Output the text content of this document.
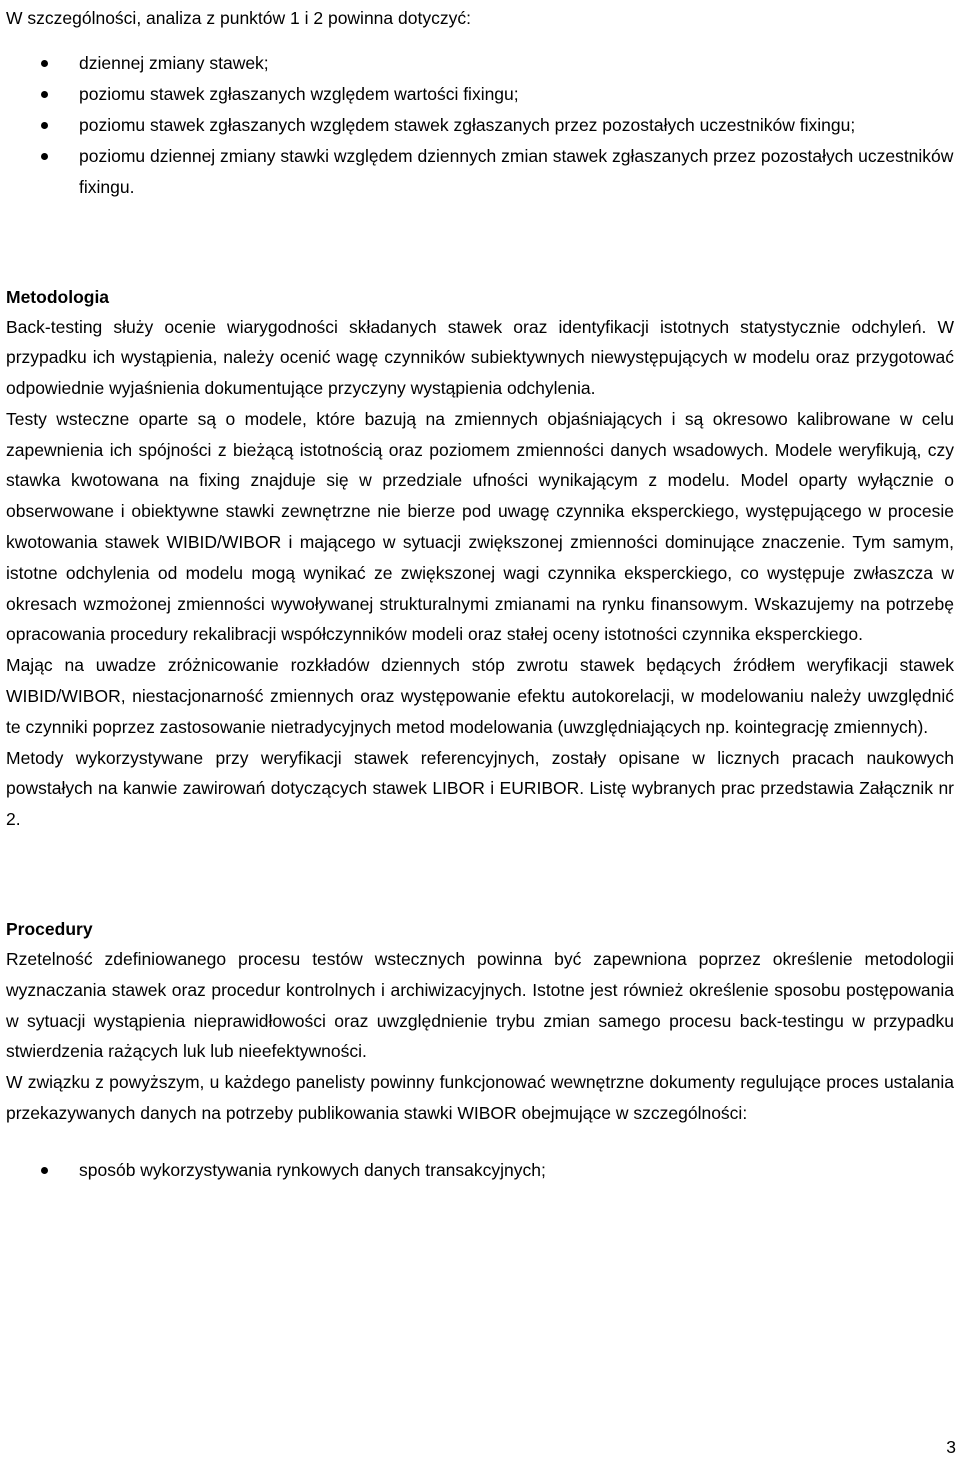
W szczególności, analiza z punktów 1 i 2 powinna dotyczyć:

dziennej zmiany stawek;
poziomu stawek zgłaszanych względem wartości fixingu;
poziomu stawek zgłaszanych względem stawek zgłaszanych przez pozostałych uczestników fixingu;
poziomu dziennej zmiany stawki względem dziennych zmian stawek zgłaszanych przez pozostałych uczestników fixingu.
Metodologia

Back-testing służy ocenie wiarygodności składanych stawek oraz identyfikacji istotnych statystycznie odchyleń. W przypadku ich wystąpienia, należy ocenić wagę czynników subiektywnych niewystępujących w modelu oraz przygotować odpowiednie wyjaśnienia dokumentujące przyczyny wystąpienia odchylenia.

Testy wsteczne oparte są o modele, które bazują na zmiennych objaśniających i są okresowo kalibrowane w celu zapewnienia ich spójności z bieżącą istotnością oraz poziomem zmienności danych wsadowych. Modele weryfikują, czy stawka kwotowana na fixing znajduje się w przedziale ufności wynikającym z modelu. Model oparty wyłącznie o obserwowane i obiektywne stawki zewnętrzne nie bierze pod uwagę czynnika eksperckiego, występującego w procesie kwotowania stawek WIBID/WIBOR i mającego w sytuacji zwiększonej zmienności dominujące znaczenie. Tym samym, istotne odchylenia od modelu mogą wynikać ze zwiększonej wagi czynnika eksperckiego, co występuje zwłaszcza w okresach wzmożonej zmienności wywoływanej strukturalnymi zmianami na rynku finansowym. Wskazujemy na potrzebę opracowania procedury rekalibracji współczynników modeli oraz stałej oceny istotności czynnika eksperckiego.

Mając na uwadze zróżnicowanie rozkładów dziennych stóp zwrotu stawek będących źródłem weryfikacji stawek WIBID/WIBOR, niestacjonarność zmiennych oraz występowanie efektu autokorelacji, w modelowaniu należy uwzględnić te czynniki poprzez zastosowanie nietradycyjnych metod modelowania (uwzględniających np. kointegrację zmiennych).

Metody wykorzystywane przy weryfikacji stawek referencyjnych, zostały opisane w licznych pracach naukowych powstałych na kanwie zawirowań dotyczących stawek LIBOR i EURIBOR. Listę wybranych prac przedstawia Załącznik nr 2.

Procedury

Rzetelność zdefiniowanego procesu testów wstecznych powinna być zapewniona poprzez określenie metodologii wyznaczania stawek oraz procedur kontrolnych i archiwizacyjnych. Istotne jest również określenie sposobu postępowania w sytuacji wystąpienia nieprawidłowości oraz uwzględnienie trybu zmian samego procesu back-testingu w przypadku stwierdzenia rażących luk lub nieefektywności.

W związku z powyższym, u każdego panelisty powinny funkcjonować wewnętrzne dokumenty regulujące proces ustalania przekazywanych danych na potrzeby publikowania stawki WIBOR obejmujące w szczególności:

sposób wykorzystywania rynkowych danych transakcyjnych;
3
